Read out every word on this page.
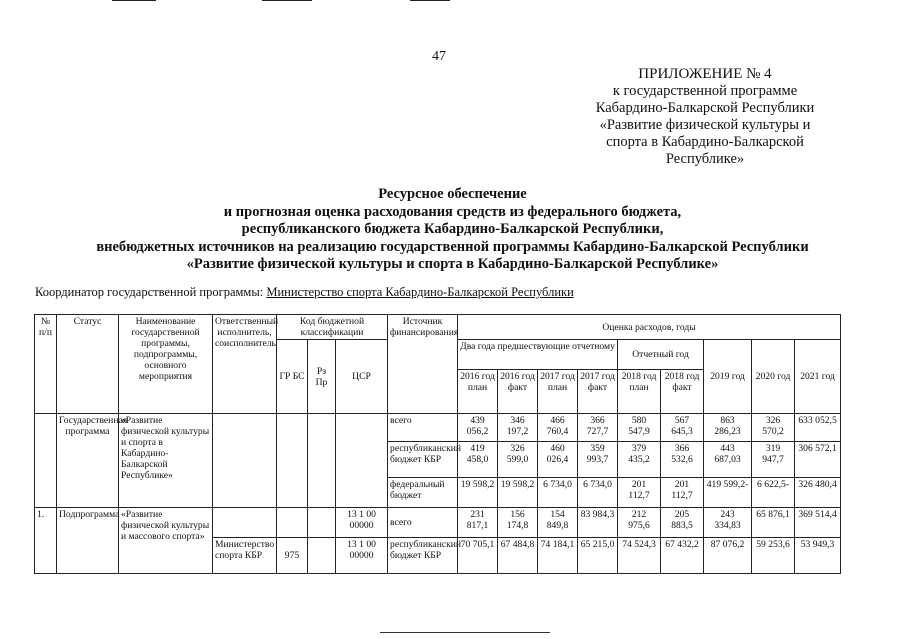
47
ПРИЛОЖЕНИЕ № 4
к государственной программе
Кабардино-Балкарской Республики
«Развитие физической культуры и
спорта в Кабардино-Балкарской
Республике»
Ресурсное обеспечение
и прогнозная оценка расходования средств из федерального бюджета,
республиканского бюджета Кабардино-Балкарской Республики,
внебюджетных источников на реализацию государственной программы Кабардино-Балкарской Республики
«Развитие физической культуры и спорта в Кабардино-Балкарской Республике»
Координатор государственной программы: Министерство спорта Кабардино-Балкарской Республики
№ п/п	Статус	Наименование государственной программы, подпрограммы, основного мероприятия	Ответственный исполнитель, соисполнитель	Код бюджетной классификации			Источник финансирования	Оценка расходов, годы								
				ГР БС	Рз Пр	ЦСР		Два года предшествующие отчетному				Отчетный год		2019 год	2020 год	2021 год
								2016 год план	2016 год факт	2017 год план	2017 год факт	2018 год план	2018 год факт			
	Государственная программа	«Развитие физической культуры и спорта в Кабардино-Балкарской Республике»					всего	439 056,2	346 197,2	466 760,4	366 727,7	580 547,9	567 645,3	863 286,23	326 570,2	633 052,5
							республиканский бюджет КБР	419 458,0	326 599,0	460 026,4	359 993,7	379 435,2	366 532,6	443 687,03	319 947,7	306 572,1
							федеральный бюджет	19 598,2	19 598,2	6 734,0	6 734,0	201 112,7	201 112,7	419 599,2-	6 622,5-	326 480,4
1.	Подпрограмма	«Развитие физической культуры и массового спорта»				13 1 00 00000	всего	231 817,1	156 174,8	154 849,8	83 984,3	212 975,6	205 883,5	243 334,83	65 876,1	369 514,4
			Министерство спорта КБР	975		13 1 00 00000	республиканский бюджет КБР	70 705,1	67 484,8	74 184,1	65 215,0	74 524,3	67 432,2	87 076,2	59 253,6	53 949,3
